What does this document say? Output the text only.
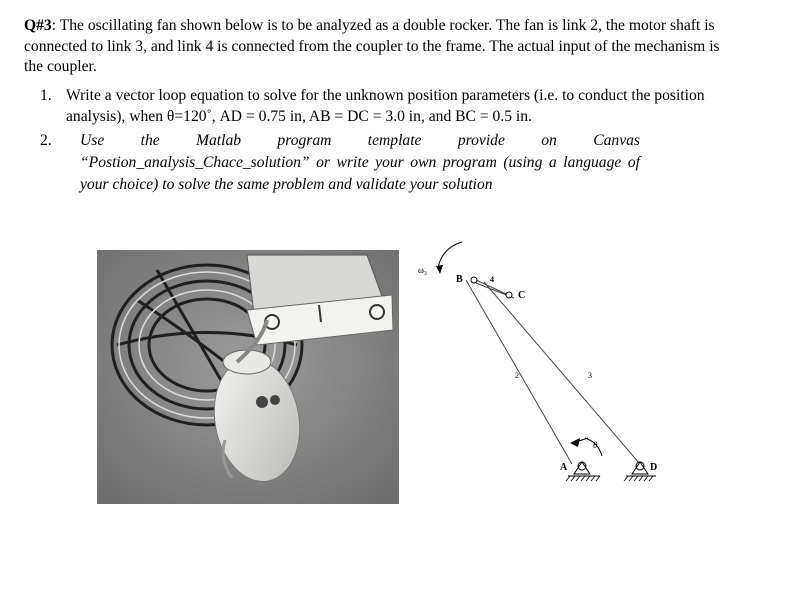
Q#3: The oscillating fan shown below is to be analyzed as a double rocker. The fan is link 2, the motor shaft is connected to link 3, and link 4 is connected from the coupler to the frame. The actual input of the mechanism is the coupler.
1. Write a vector loop equation to solve for the unknown position parameters (i.e. to conduct the position analysis), when θ=120˚, AD = 0.75 in, AB = DC = 3.0 in, and BC = 0.5 in.
2. Use the Matlab program template provide on Canvas
“Postion_analysis_Chace_solution” or write your own program (using a language of your choice) to solve the same problem and validate your solution
ω₃
B
C
4
2	3
θ
A	D
